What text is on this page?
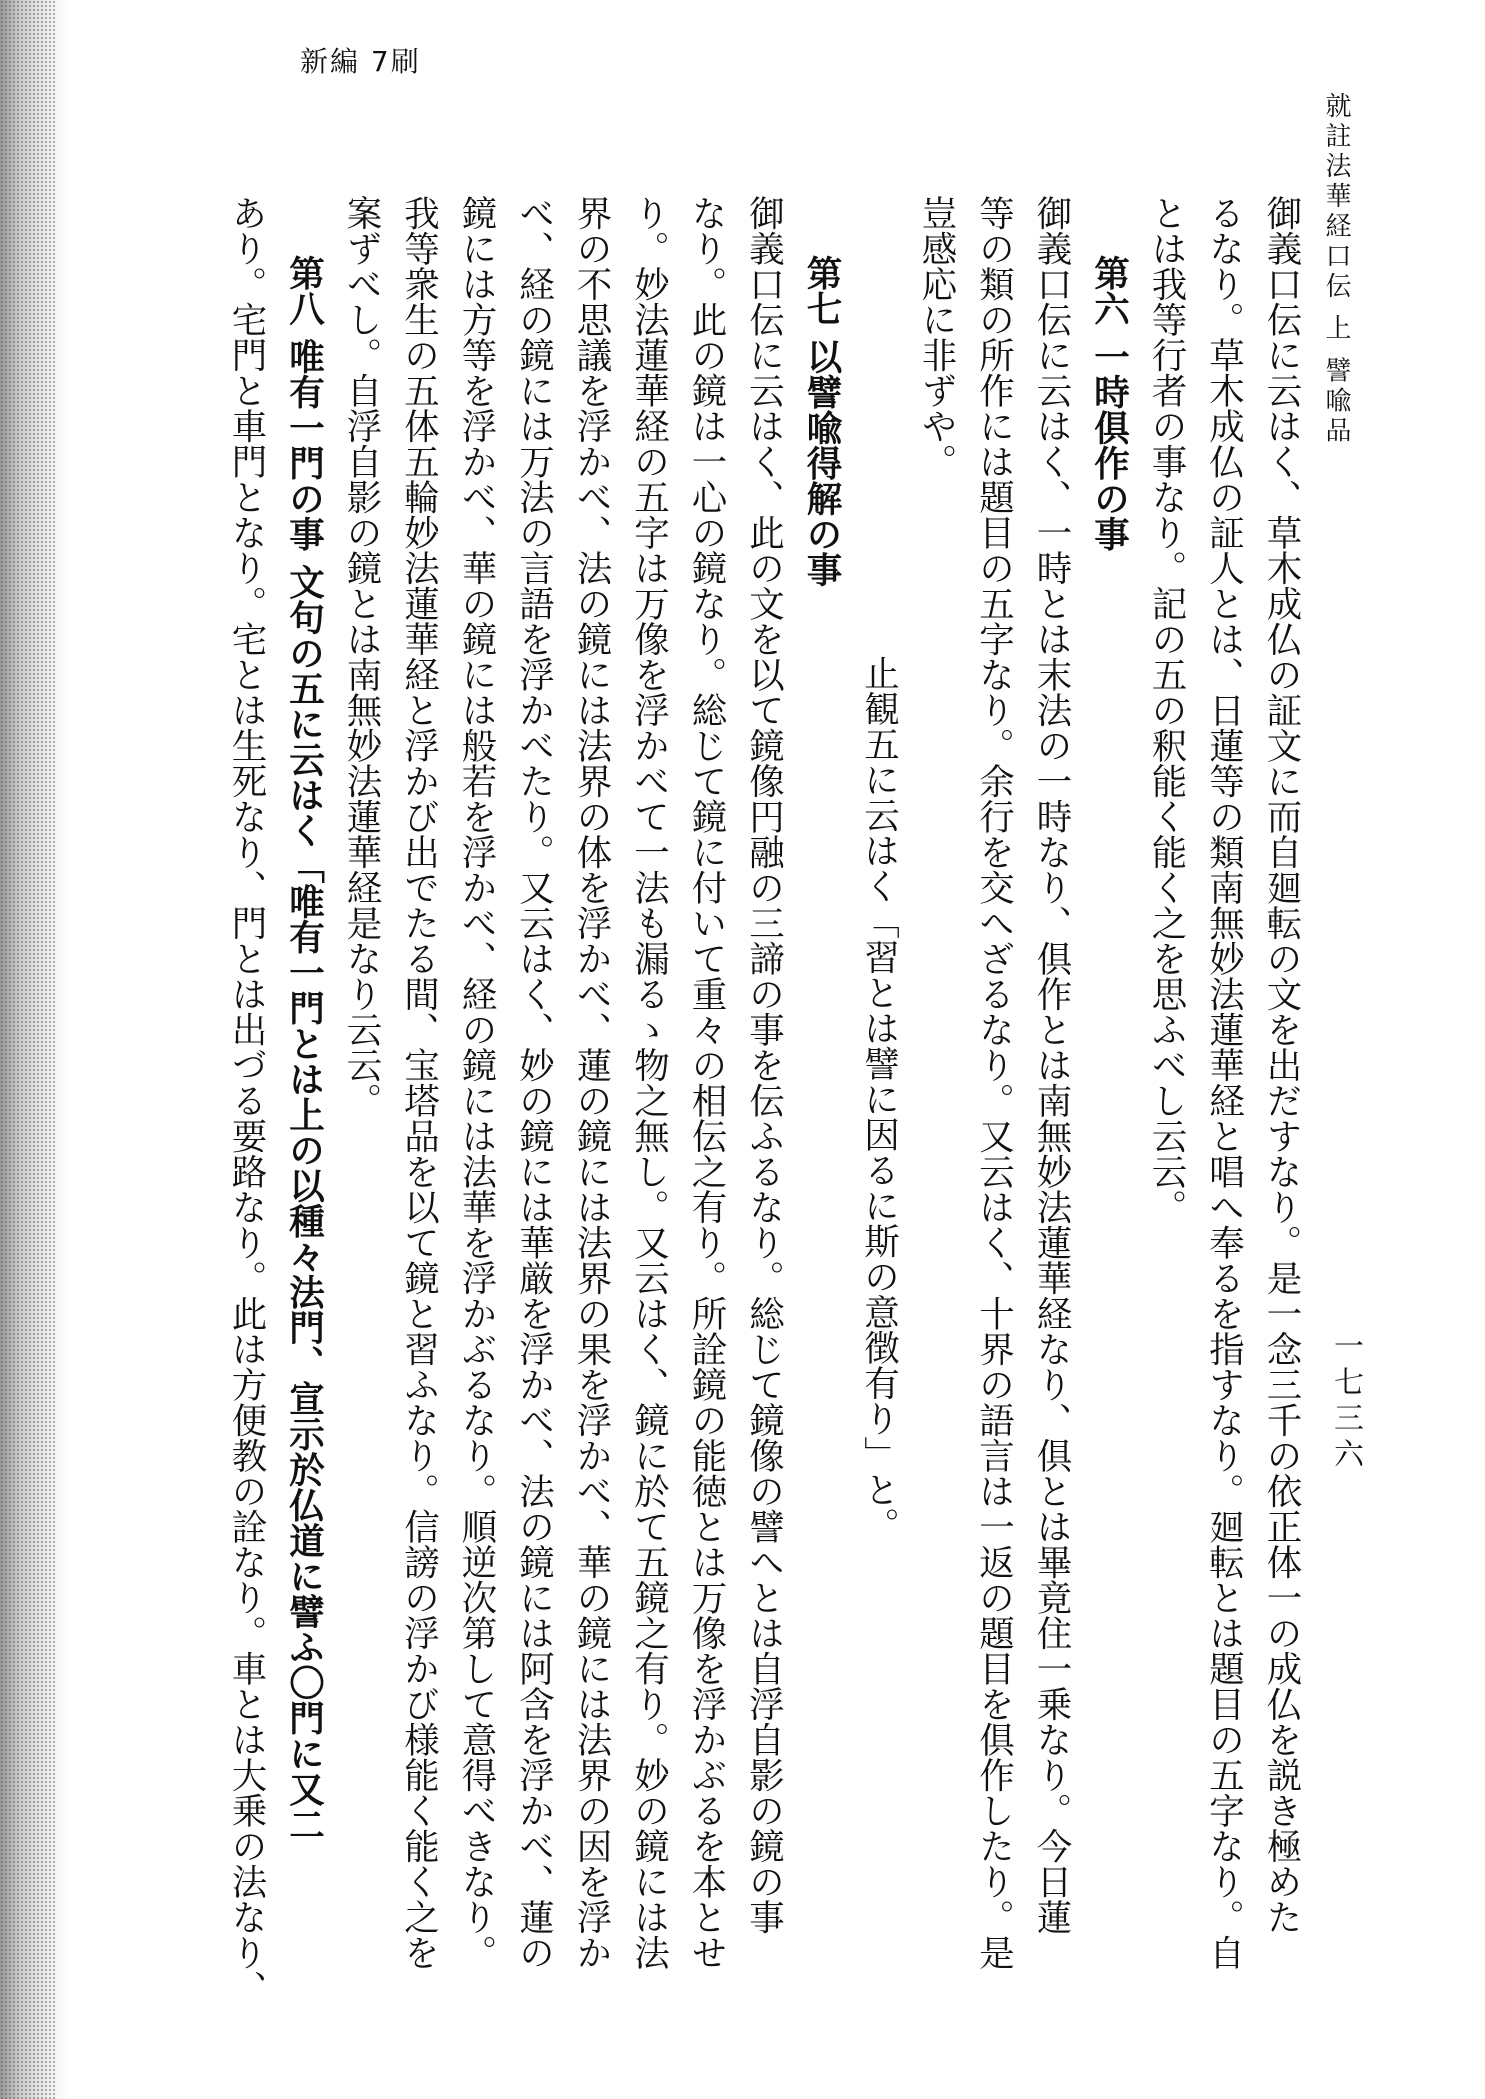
新編 7刷
就註法華経口伝 上 譬喩品
一七三六

御義口伝に云はく、草木成仏の証文に而自廻転の文を出だすなり。是一念三千の依正体一の成仏を説き極めた

るなり。草木成仏の証人とは、日蓮等の類南無妙法蓮華経と唱へ奉るを指すなり。廻転とは題目の五字なり。自

とは我等行者の事なり。記の五の釈能く能く之を思ふべし云云。

第六 一時俱作の事

御義口伝に云はく、一時とは末法の一時なり、俱作とは南無妙法蓮華経なり、俱とは畢竟住一乗なり。今日蓮

等の類の所作には題目の五字なり。余行を交へざるなり。又云はく、十界の語言は一返の題目を俱作したり。是

豈感応に非ずや。

止観五に云はく「習とは譬に因るに斯の意徴有り」と。

第七 以譬喩得解の事

御義口伝に云はく、此の文を以て鏡像円融の三諦の事を伝ふるなり。総じて鏡像の譬へとは自浮自影の鏡の事

なり。此の鏡は一心の鏡なり。総じて鏡に付いて重々の相伝之有り。所詮鏡の能徳とは万像を浮かぶるを本とせ

り。妙法蓮華経の五字は万像を浮かべて一法も漏るゝ物之無し。又云はく、鏡に於て五鏡之有り。妙の鏡には法

界の不思議を浮かべ、法の鏡には法界の体を浮かべ、蓮の鏡には法界の果を浮かべ、華の鏡には法界の因を浮か

べ、経の鏡には万法の言語を浮かべたり。又云はく、妙の鏡には華厳を浮かべ、法の鏡には阿含を浮かべ、蓮の

鏡には方等を浮かべ、華の鏡には般若を浮かべ、経の鏡には法華を浮かぶるなり。順逆次第して意得べきなり。

我等衆生の五体五輪妙法蓮華経と浮かび出でたる間、宝塔品を以て鏡と習ふなり。信謗の浮かび様能く能く之を

案ずべし。自浮自影の鏡とは南無妙法蓮華経是なり云云。

第八 唯有一門の事 文句の五に云はく「唯有一門とは上の以種々法門、宣示於仏道に譬ふ〇門に又二

あり。宅門と車門となり。宅とは生死なり、門とは出づる要路なり。此は方便教の詮なり。車とは大乗の法なり、
